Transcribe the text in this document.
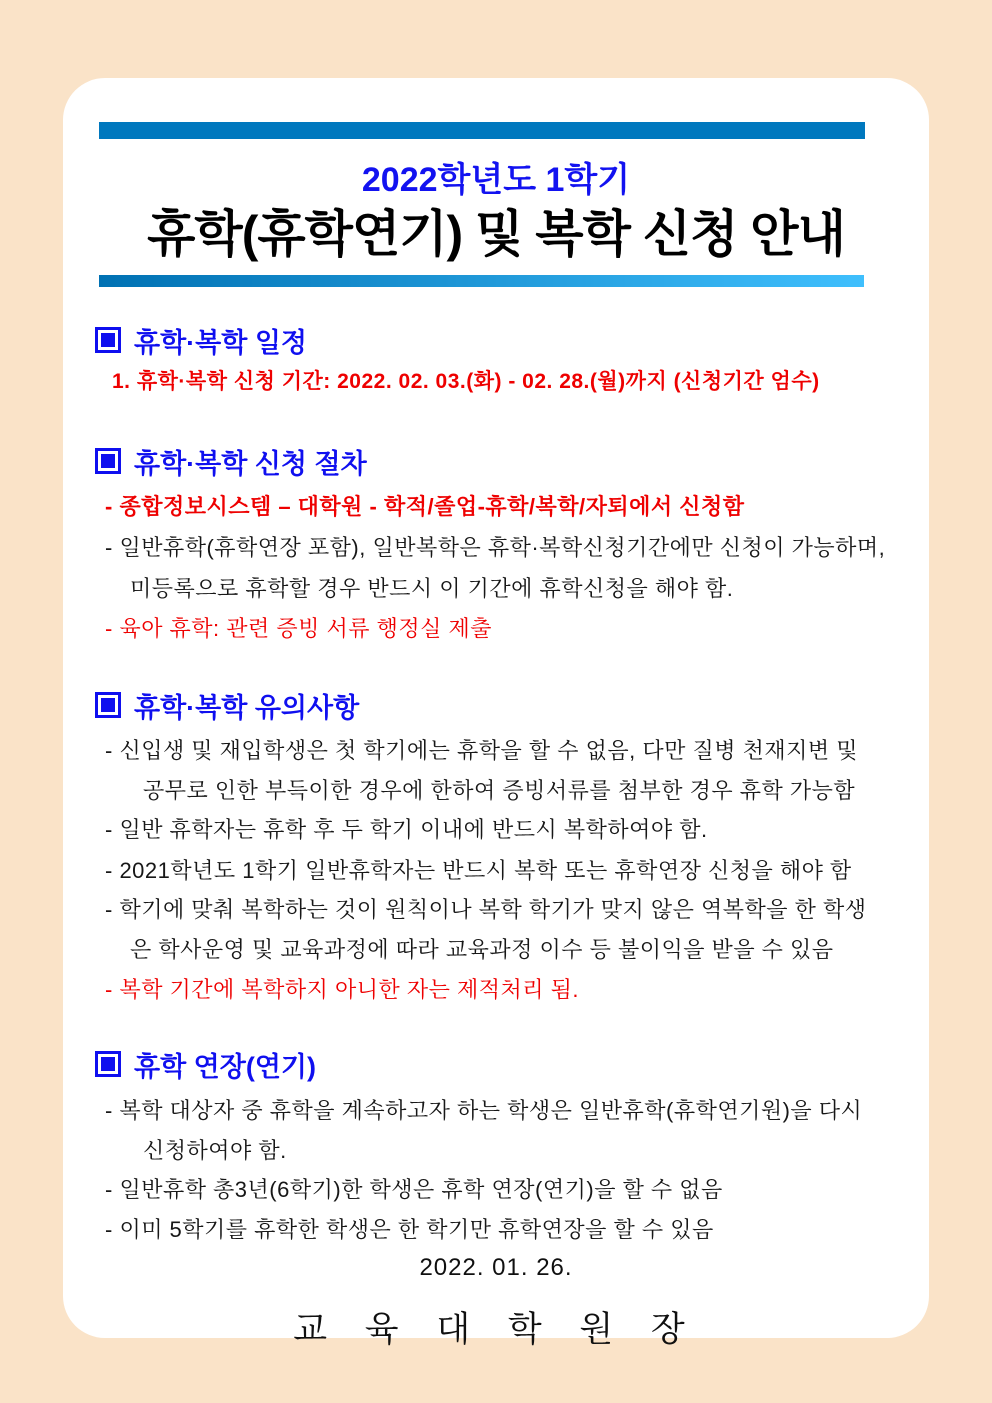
2022학년도 1학기
휴학(휴학연기) 및 복학 신청 안내
휴학·복학 일정
1. 휴학·복학 신청 기간: 2022. 02. 03.(화) - 02. 28.(월)까지 (신청기간 엄수)
휴학·복학 신청 절차
- 종합정보시스템 – 대학원 - 학적/졸업-휴학/복학/자퇴에서 신청함
- 일반휴학(휴학연장 포함), 일반복학은 휴학·복학신청기간에만 신청이 가능하며,
미등록으로 휴학할 경우 반드시 이 기간에 휴학신청을 해야 함.
- 육아 휴학: 관련 증빙 서류 행정실 제출
휴학·복학 유의사항
- 신입생 및 재입학생은 첫 학기에는 휴학을 할 수 없음, 다만 질병 천재지변 및
공무로 인한 부득이한 경우에 한하여 증빙서류를 첨부한 경우 휴학 가능함
- 일반 휴학자는 휴학 후 두 학기 이내에 반드시 복학하여야 함.
- 2021학년도 1학기 일반휴학자는 반드시 복학 또는 휴학연장 신청을 해야 함
- 학기에 맞춰 복학하는 것이 원칙이나 복학 학기가 맞지 않은 역복학을 한 학생
은 학사운영 및 교육과정에 따라 교육과정 이수 등 불이익을 받을 수 있음
- 복학 기간에 복학하지 아니한 자는 제적처리 됨.
휴학 연장(연기)
- 복학 대상자 중 휴학을 계속하고자 하는 학생은 일반휴학(휴학연기원)을 다시
신청하여야 함.
- 일반휴학 총3년(6학기)한 학생은 휴학 연장(연기)을 할 수 없음
- 이미 5학기를 휴학한 학생은 한 학기만 휴학연장을 할 수 있음
2022. 01. 26.
교 육 대 학 원 장
